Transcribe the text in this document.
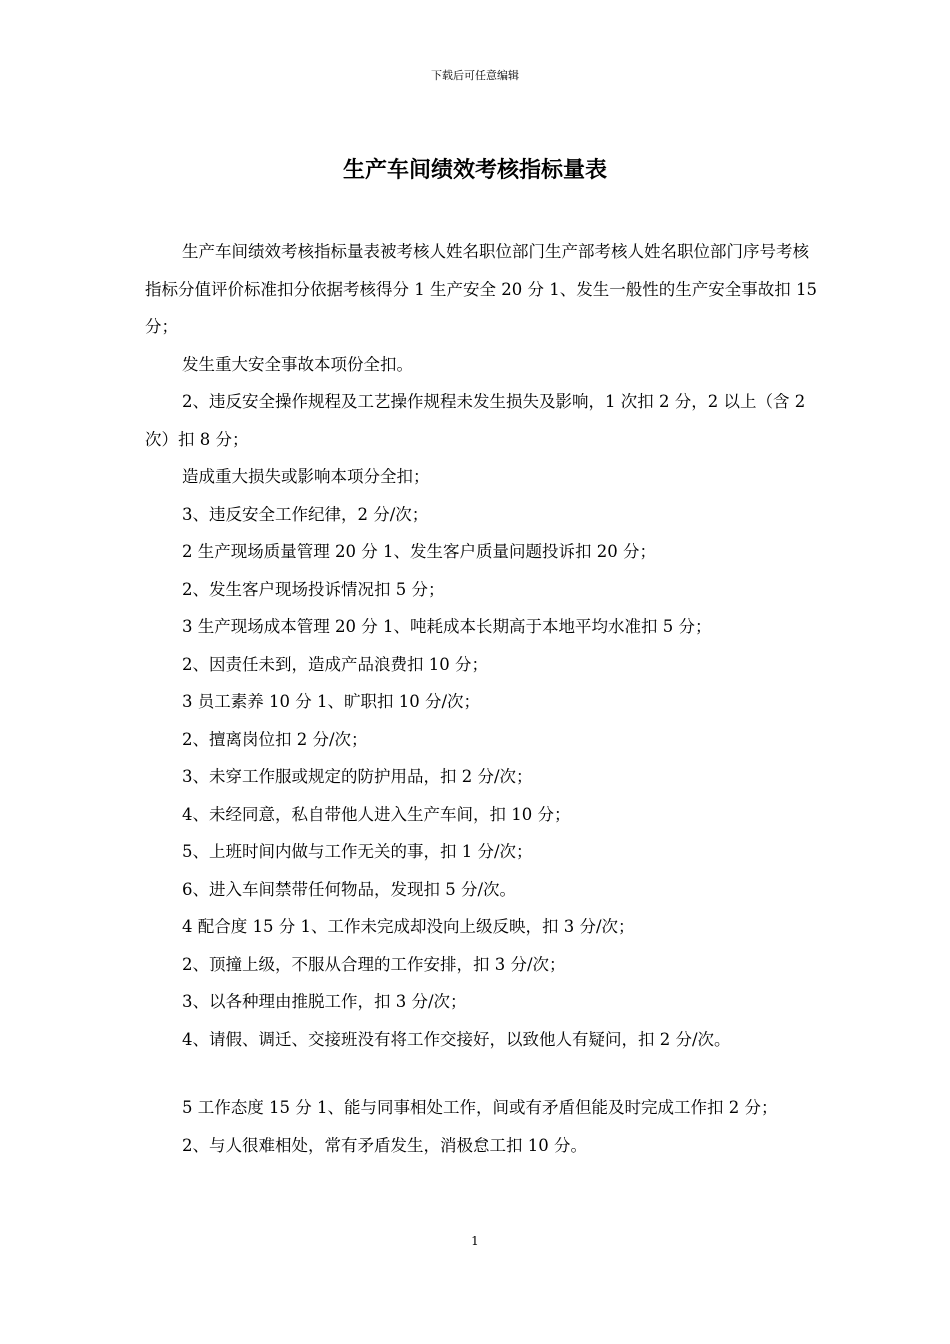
下载后可任意编辑
生产车间绩效考核指标量表

生产车间绩效考核指标量表被考核人姓名职位部门生产部考核人姓名职位部门序号考核指标分值评价标准扣分依据考核得分 1 生产安全 20 分 1、发生一般性的生产安全事故扣 15 分；

发生重大安全事故本项份全扣。

2、违反安全操作规程及工艺操作规程未发生损失及影响，1 次扣 2 分，2 以上（含 2 次）扣 8 分；

造成重大损失或影响本项分全扣；

3、违反安全工作纪律，2 分/次；

2 生产现场质量管理 20 分 1、发生客户质量问题投诉扣 20 分；

2、发生客户现场投诉情况扣 5 分；

3 生产现场成本管理 20 分 1、吨耗成本长期高于本地平均水准扣 5 分；

2、因责任未到，造成产品浪费扣 10 分；

3 员工素养 10 分 1、旷职扣 10 分/次；

2、擅离岗位扣 2 分/次；

3、未穿工作服或规定的防护用品，扣 2 分/次；

4、未经同意，私自带他人进入生产车间，扣 10 分；

5、上班时间内做与工作无关的事，扣 1 分/次；

6、进入车间禁带任何物品，发现扣 5 分/次。

4 配合度 15 分 1、工作未完成却没向上级反映，扣 3 分/次；

2、顶撞上级，不服从合理的工作安排，扣 3 分/次；

3、以各种理由推脱工作，扣 3 分/次；

4、请假、调迁、交接班没有将工作交接好，以致他人有疑问，扣 2 分/次。

5 工作态度 15 分 1、能与同事相处工作，间或有矛盾但能及时完成工作扣 2 分；

2、与人很难相处，常有矛盾发生，消极怠工扣 10 分。

1
